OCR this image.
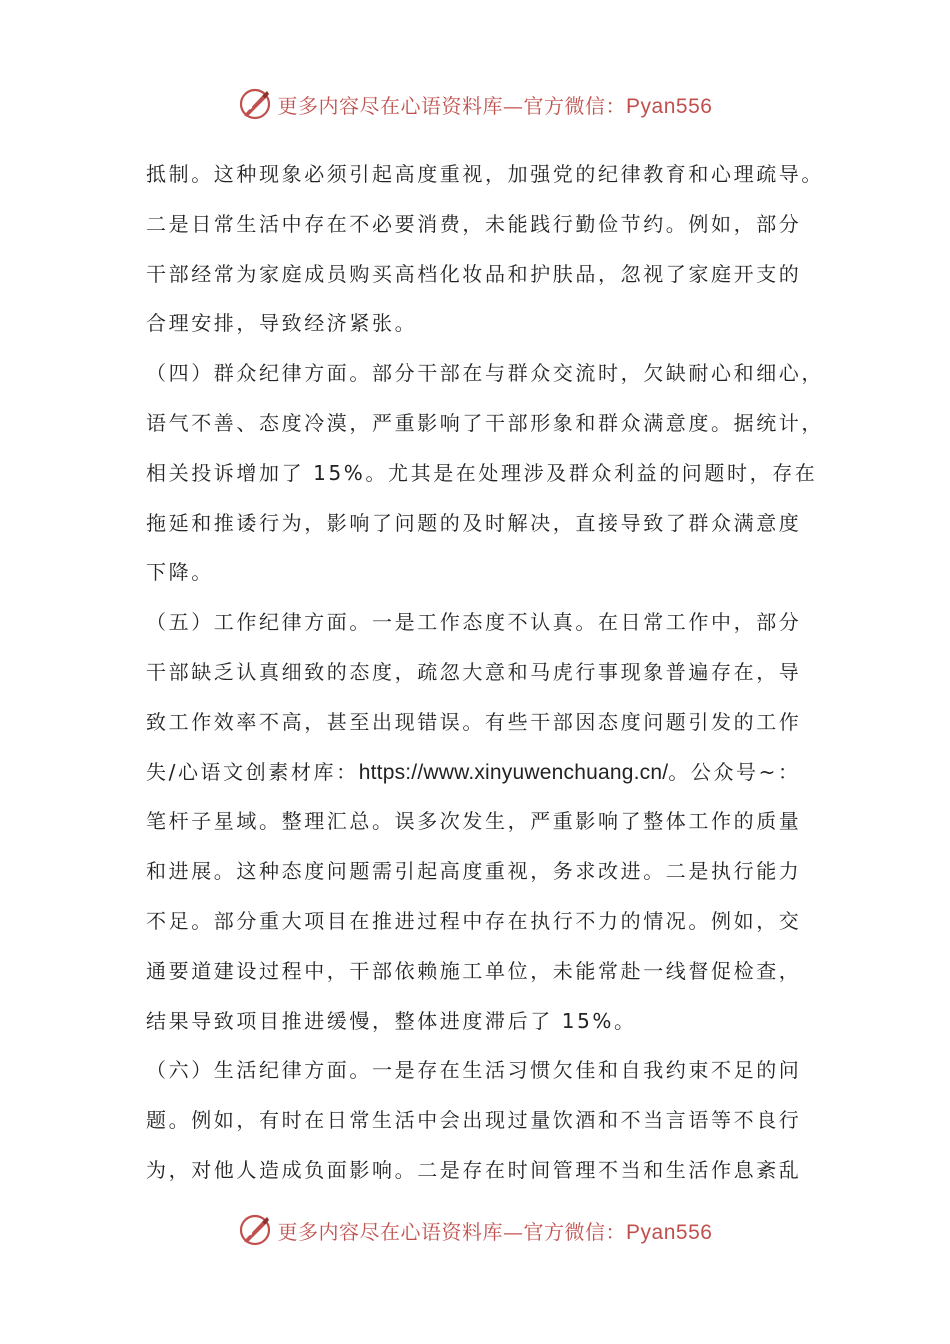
更多内容尽在心语资料库—官方微信：Pyan556
抵制。这种现象必须引起高度重视，加强党的纪律教育和心理疏导。
二是日常生活中存在不必要消费，未能践行勤俭节约。例如，部分
干部经常为家庭成员购买高档化妆品和护肤品，忽视了家庭开支的
合理安排，导致经济紧张。
（四）群众纪律方面。部分干部在与群众交流时，欠缺耐心和细心，
语气不善、态度冷漠，严重影响了干部形象和群众满意度。据统计，
相关投诉增加了 15%。尤其是在处理涉及群众利益的问题时，存在
拖延和推诿行为，影响了问题的及时解决，直接导致了群众满意度
下降。
（五）工作纪律方面。一是工作态度不认真。在日常工作中，部分
干部缺乏认真细致的态度，疏忽大意和马虎行事现象普遍存在，导
致工作效率不高，甚至出现错误。有些干部因态度问题引发的工作
失/心语文创素材库：https://www.xinyuwenchuang.cn/。公众号~：
笔杆子星域。整理汇总。误多次发生，严重影响了整体工作的质量
和进展。这种态度问题需引起高度重视，务求改进。二是执行能力
不足。部分重大项目在推进过程中存在执行不力的情况。例如，交
通要道建设过程中，干部依赖施工单位，未能常赴一线督促检查，
结果导致项目推进缓慢，整体进度滞后了 15%。
（六）生活纪律方面。一是存在生活习惯欠佳和自我约束不足的问
题。例如，有时在日常生活中会出现过量饮酒和不当言语等不良行
为，对他人造成负面影响。二是存在时间管理不当和生活作息紊乱
更多内容尽在心语资料库—官方微信：Pyan556
